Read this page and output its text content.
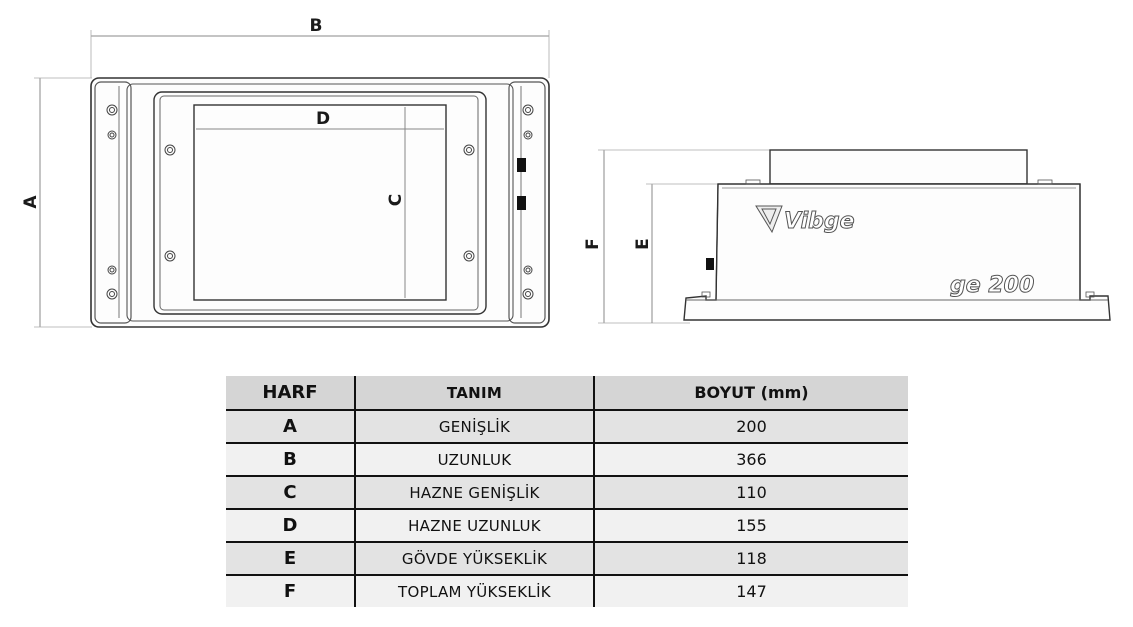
B
D
A	C
Vibge
ge 200
F E
HARF	TANIM	BOYUT (mm)
A	GENİŞLİK	200
B	UZUNLUK	366
C	HAZNE GENİŞLİK	110
D	HAZNE UZUNLUK	155
E	GÖVDE YÜKSEKLİK	118
F	TOPLAM YÜKSEKLİK	147
